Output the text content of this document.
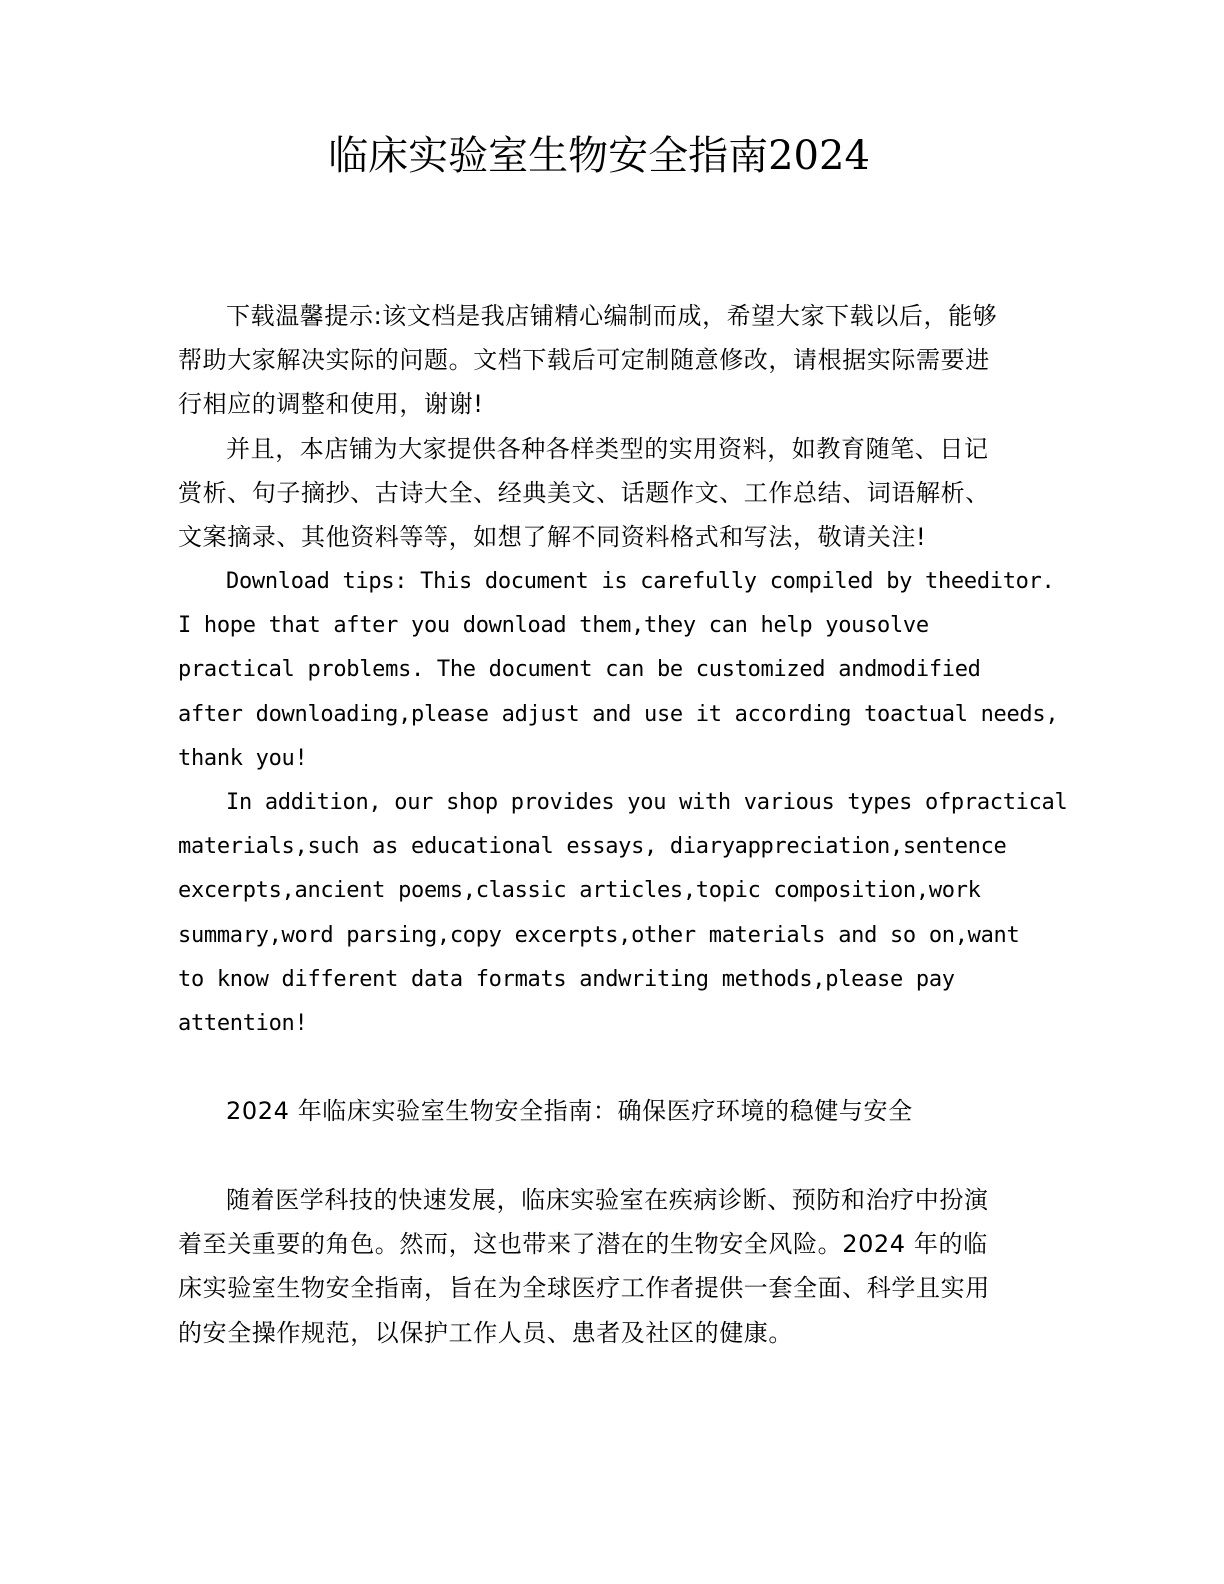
临床实验室生物安全指南2024
下载温馨提示:该文档是我店铺精心编制而成，希望大家下载以后，能够
帮助大家解决实际的问题。文档下载后可定制随意修改，请根据实际需要进
行相应的调整和使用，谢谢!
并且，本店铺为大家提供各种各样类型的实用资料，如教育随笔、日记
赏析、句子摘抄、古诗大全、经典美文、话题作文、工作总结、词语解析、
文案摘录、其他资料等等，如想了解不同资料格式和写法，敬请关注!
Download tips: This document is carefully compiled by theeditor.
I hope that after you download them,they can help yousolve
practical problems. The document can be customized andmodified
after downloading,please adjust and use it according toactual needs,
thank you!
In addition, our shop provides you with various types ofpractical
materials,such as educational essays, diaryappreciation,sentence
excerpts,ancient poems,classic articles,topic composition,work
summary,word parsing,copy excerpts,other materials and so on,want
to know different data formats andwriting methods,please pay
attention!
2024 年临床实验室生物安全指南：确保医疗环境的稳健与安全
随着医学科技的快速发展，临床实验室在疾病诊断、预防和治疗中扮演
着至关重要的角色。然而，这也带来了潜在的生物安全风险。2024 年的临
床实验室生物安全指南，旨在为全球医疗工作者提供一套全面、科学且实用
的安全操作规范，以保护工作人员、患者及社区的健康。
